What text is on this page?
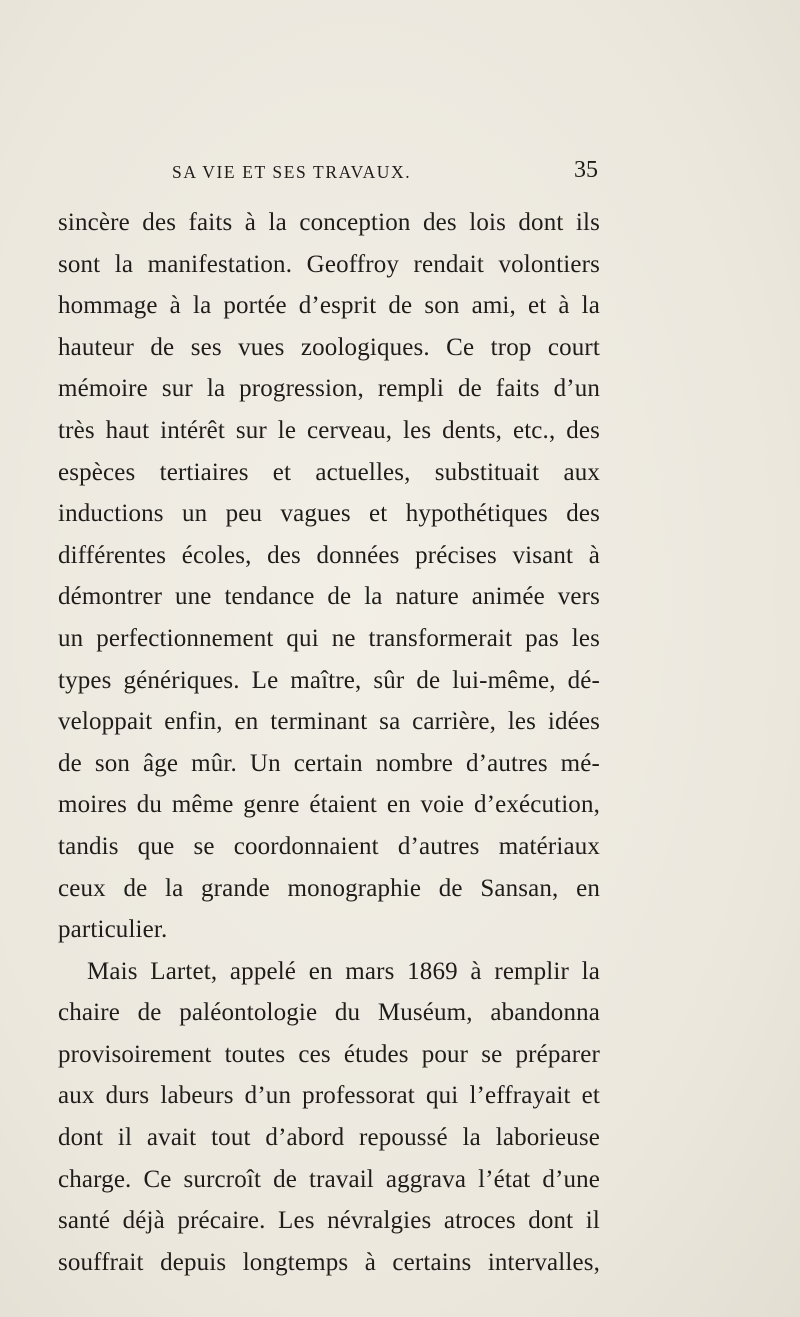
SA VIE ET SES TRAVAUX.	35
sincère des faits à la conception des lois dont ils
sont la manifestation. Geoffroy rendait volontiers
hommage à la portée d’esprit de son ami, et à la
hauteur de ses vues zoologiques. Ce trop court
mémoire sur la progression, rempli de faits d’un
très haut intérêt sur le cerveau, les dents, etc., des
espèces tertiaires et actuelles, substituait aux
inductions un peu vagues et hypothétiques des
différentes écoles, des données précises visant à
démontrer une tendance de la nature animée vers
un perfectionnement qui ne transformerait pas les
types génériques. Le maître, sûr de lui-même, dé-
veloppait enfin, en terminant sa carrière, les idées
de son âge mûr. Un certain nombre d’autres mé-
moires du même genre étaient en voie d’exécution,
tandis que se coordonnaient d’autres matériaux
ceux de la grande monographie de Sansan, en
particulier.
Mais Lartet, appelé en mars 1869 à remplir la
chaire de paléontologie du Muséum, abandonna
provisoirement toutes ces études pour se préparer
aux durs labeurs d’un professorat qui l’effrayait et
dont il avait tout d’abord repoussé la laborieuse
charge. Ce surcroît de travail aggrava l’état d’une
santé déjà précaire. Les névralgies atroces dont il
souffrait depuis longtemps à certains intervalles,
